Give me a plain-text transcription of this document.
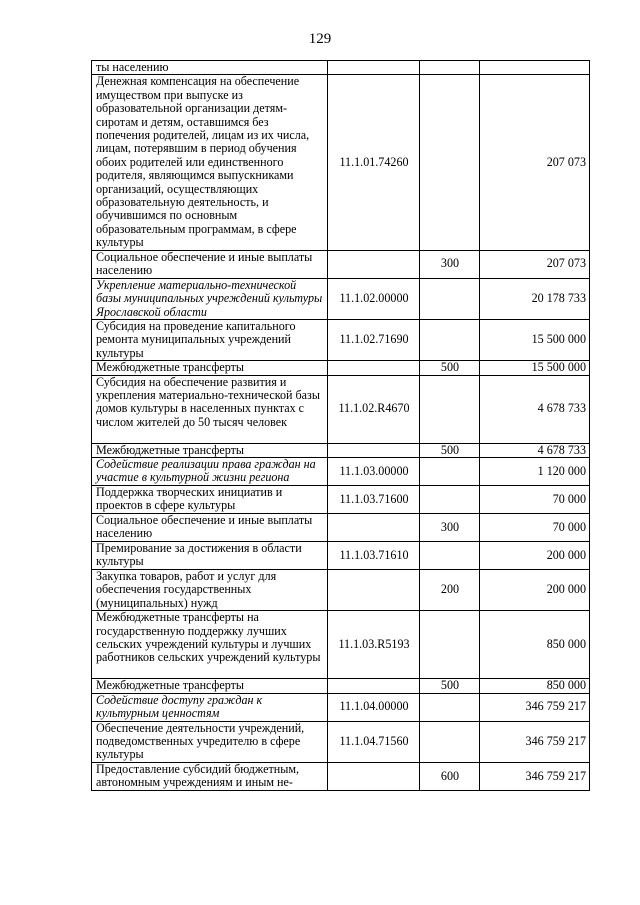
129
ты населению			
Денежная компенсация на обеспечение имуществом при выпуске из образовательной организации детям-сиротам и детям, оставшимся без попечения родителей, лицам из их числа, лицам, потерявшим в период обучения обоих родителей или единственного родителя, являющимся выпускниками организаций, осуществляющих образовательную деятельность, и обучившимся по основным образовательным программам, в сфере культуры	11.1.01.74260		207 073
Социальное обеспечение и иные выплаты населению		300	207 073
Укрепление материально-технической базы муниципальных учреждений культуры Ярославской области	11.1.02.00000		20 178 733
Субсидия на проведение капитального ремонта муниципальных учреждений культуры	11.1.02.71690		15 500 000
Межбюджетные трансферты		500	15 500 000
Субсидия на обеспечение развития и укрепления материально-технической базы домов культуры в населенных пунктах с числом жителей до 50 тысяч человек	11.1.02.R4670		4 678 733
Межбюджетные трансферты		500	4 678 733
Содействие реализации права граждан на участие в культурной жизни региона	11.1.03.00000		1 120 000
Поддержка творческих инициатив и проектов в сфере культуры	11.1.03.71600		70 000
Социальное обеспечение и иные выплаты населению		300	70 000
Премирование за достижения в области культуры	11.1.03.71610		200 000
Закупка товаров, работ и услуг для обеспечения государственных (муниципальных) нужд		200	200 000
Межбюджетные трансферты на государственную поддержку лучших сельских учреждений культуры и лучших работников сельских учреждений культуры	11.1.03.R5193		850 000
Межбюджетные трансферты		500	850 000
Содействие доступу граждан к культурным ценностям	11.1.04.00000		346 759 217
Обеспечение деятельности учреждений, подведомственных учредителю в сфере культуры	11.1.04.71560		346 759 217
Предоставление субсидий бюджетным, автономным учреждениям и иным не-		600	346 759 217
